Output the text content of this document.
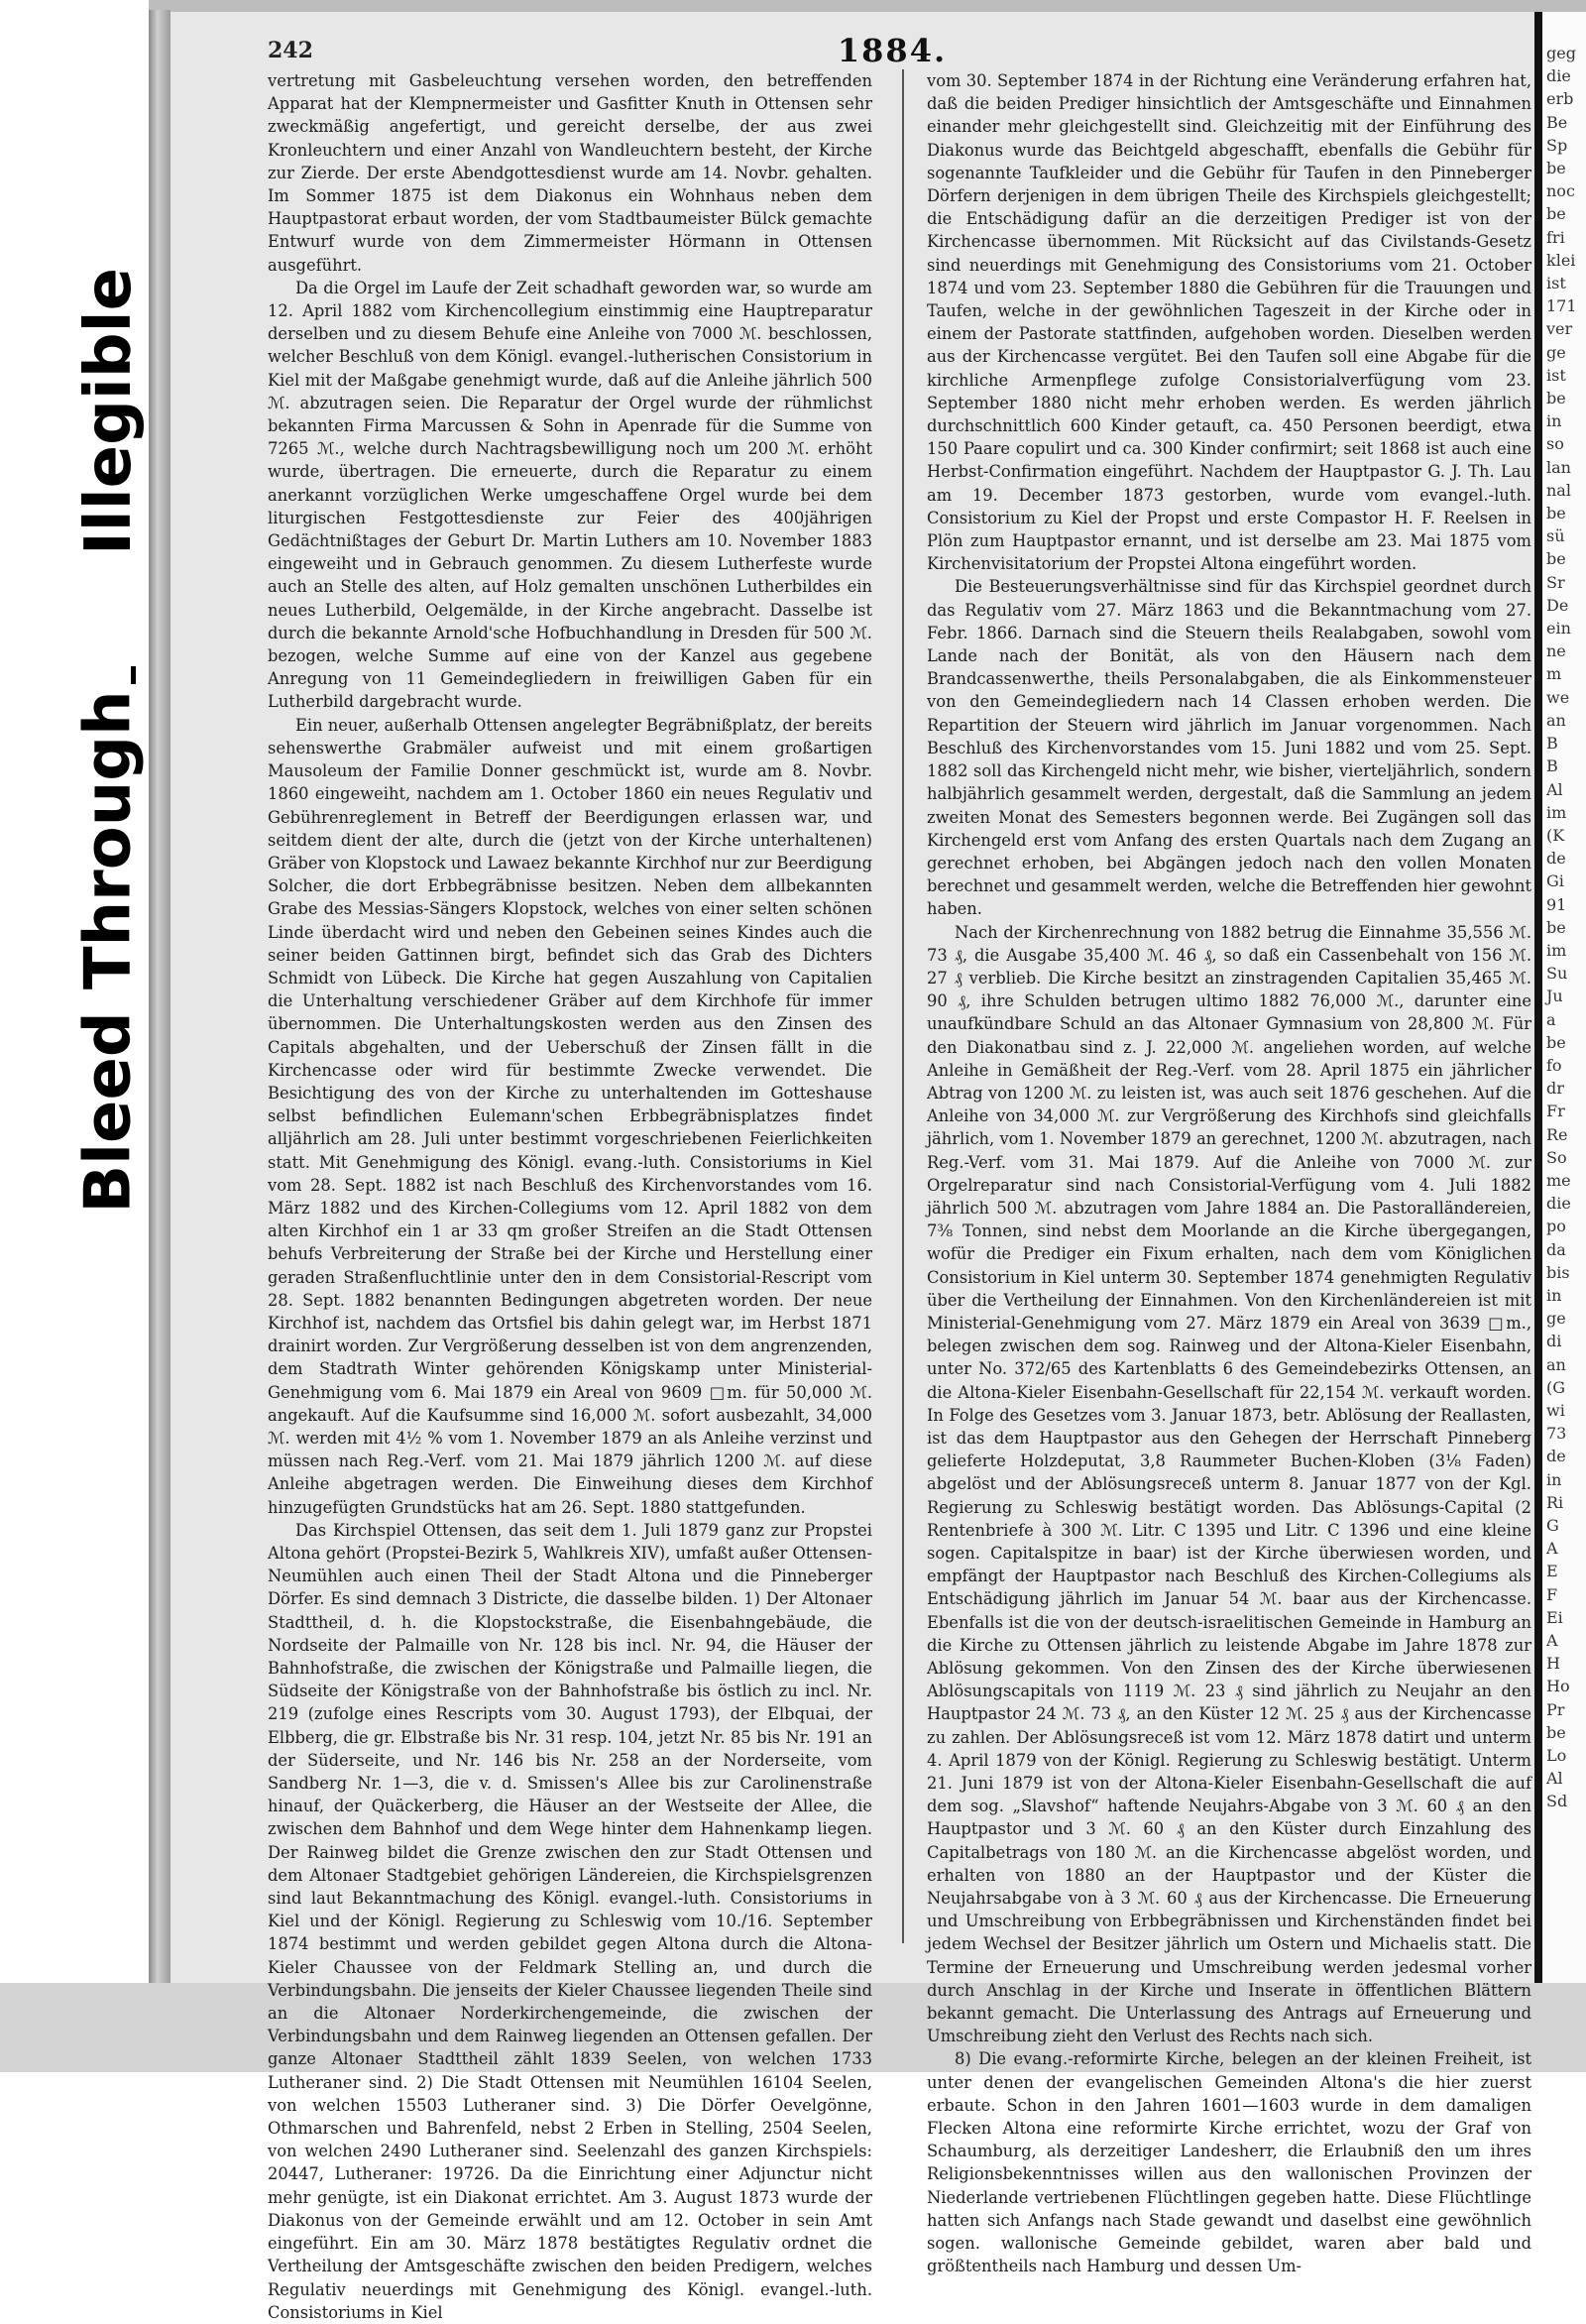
Illegible
Bleed Through
242	1884.

vertretung mit Gasbeleuchtung versehen worden, den betreffenden Apparat hat der Klempnermeister und Gasfitter Knuth in Ottensen sehr zweckmäßig angefertigt, und gereicht derselbe, der aus zwei Kronleuchtern und einer Anzahl von Wandleuchtern besteht, der Kirche zur Zierde. Der erste Abendgottesdienst wurde am 14. Novbr. gehalten. Im Sommer 1875 ist dem Diakonus ein Wohnhaus neben dem Hauptpastorat erbaut worden, der vom Stadtbaumeister Bülck gemachte Entwurf wurde von dem Zimmermeister Hörmann in Ottensen ausgeführt.

Da die Orgel im Laufe der Zeit schadhaft geworden war, so wurde am 12. April 1882 vom Kirchencollegium einstimmig eine Hauptreparatur derselben und zu diesem Behufe eine Anleihe von 7000 ℳ. beschlossen, welcher Beschluß von dem Königl. evangel.-lutherischen Consistorium in Kiel mit der Maßgabe genehmigt wurde, daß auf die Anleihe jährlich 500 ℳ. abzutragen seien. Die Reparatur der Orgel wurde der rühmlichst bekannten Firma Marcussen & Sohn in Apenrade für die Summe von 7265 ℳ., welche durch Nachtragsbewilligung noch um 200 ℳ. erhöht wurde, übertragen. Die erneuerte, durch die Reparatur zu einem anerkannt vorzüglichen Werke umgeschaffene Orgel wurde bei dem liturgischen Festgottesdienste zur Feier des 400jährigen Gedächtnißtages der Geburt Dr. Martin Luthers am 10. November 1883 eingeweiht und in Gebrauch genommen. Zu diesem Lutherfeste wurde auch an Stelle des alten, auf Holz gemalten unschönen Lutherbildes ein neues Lutherbild, Oelgemälde, in der Kirche angebracht. Dasselbe ist durch die bekannte Arnold'sche Hofbuchhandlung in Dresden für 500 ℳ. bezogen, welche Summe auf eine von der Kanzel aus gegebene Anregung von 11 Gemeindegliedern in freiwilligen Gaben für ein Lutherbild dargebracht wurde.

Ein neuer, außerhalb Ottensen angelegter Begräbnißplatz, der bereits sehenswerthe Grabmäler aufweist und mit einem großartigen Mausoleum der Familie Donner geschmückt ist, wurde am 8. Novbr. 1860 eingeweiht, nachdem am 1. October 1860 ein neues Regulativ und Gebührenreglement in Betreff der Beerdigungen erlassen war, und seitdem dient der alte, durch die (jetzt von der Kirche unterhaltenen) Gräber von Klopstock und Lawaez bekannte Kirchhof nur zur Beerdigung Solcher, die dort Erbbegräbnisse besitzen. Neben dem allbekannten Grabe des Messias-Sängers Klopstock, welches von einer selten schönen Linde überdacht wird und neben den Gebeinen seines Kindes auch die seiner beiden Gattinnen birgt, befindet sich das Grab des Dichters Schmidt von Lübeck. Die Kirche hat gegen Auszahlung von Capitalien die Unterhaltung verschiedener Gräber auf dem Kirchhofe für immer übernommen. Die Unterhaltungskosten werden aus den Zinsen des Capitals abgehalten, und der Ueberschuß der Zinsen fällt in die Kirchencasse oder wird für bestimmte Zwecke verwendet. Die Besichtigung des von der Kirche zu unterhaltenden im Gotteshause selbst befindlichen Eulemann'schen Erbbegräbnisplatzes findet alljährlich am 28. Juli unter bestimmt vorgeschriebenen Feierlichkeiten statt. Mit Genehmigung des Königl. evang.-luth. Consistoriums in Kiel vom 28. Sept. 1882 ist nach Beschluß des Kirchenvorstandes vom 16. März 1882 und des Kirchen-Collegiums vom 12. April 1882 von dem alten Kirchhof ein 1 ar 33 qm großer Streifen an die Stadt Ottensen behufs Verbreiterung der Straße bei der Kirche und Herstellung einer geraden Straßenfluchtlinie unter den in dem Consistorial-Rescript vom 28. Sept. 1882 benannten Bedingungen abgetreten worden. Der neue Kirchhof ist, nachdem das Ortsfiel bis dahin gelegt war, im Herbst 1871 drainirt worden. Zur Vergrößerung desselben ist von dem angrenzenden, dem Stadtrath Winter gehörenden Königskamp unter Ministerial-Genehmigung vom 6. Mai 1879 ein Areal von 9609 □m. für 50,000 ℳ. angekauft. Auf die Kaufsumme sind 16,000 ℳ. sofort ausbezahlt, 34,000 ℳ. werden mit 4½ % vom 1. November 1879 an als Anleihe verzinst und müssen nach Reg.-Verf. vom 21. Mai 1879 jährlich 1200 ℳ. auf diese Anleihe abgetragen werden. Die Einweihung dieses dem Kirchhof hinzugefügten Grundstücks hat am 26. Sept. 1880 stattgefunden.

Das Kirchspiel Ottensen, das seit dem 1. Juli 1879 ganz zur Propstei Altona gehört (Propstei-Bezirk 5, Wahlkreis XIV), umfaßt außer Ottensen-Neumühlen auch einen Theil der Stadt Altona und die Pinneberger Dörfer. Es sind demnach 3 Districte, die dasselbe bilden. 1) Der Altonaer Stadttheil, d. h. die Klopstockstraße, die Eisenbahngebäude, die Nordseite der Palmaille von Nr. 128 bis incl. Nr. 94, die Häuser der Bahnhofstraße, die zwischen der Königstraße und Palmaille liegen, die Südseite der Königstraße von der Bahnhofstraße bis östlich zu incl. Nr. 219 (zufolge eines Rescripts vom 30. August 1793), der Elbquai, der Elbberg, die gr. Elbstraße bis Nr. 31 resp. 104, jetzt Nr. 85 bis Nr. 191 an der Süderseite, und Nr. 146 bis Nr. 258 an der Norderseite, vom Sandberg Nr. 1—3, die v. d. Smissen's Allee bis zur Carolinenstraße hinauf, der Quäckerberg, die Häuser an der Westseite der Allee, die zwischen dem Bahnhof und dem Wege hinter dem Hahnenkamp liegen. Der Rainweg bildet die Grenze zwischen den zur Stadt Ottensen und dem Altonaer Stadtgebiet gehörigen Ländereien, die Kirchspielsgrenzen sind laut Bekanntmachung des Königl. evangel.-luth. Consistoriums in Kiel und der Königl. Regierung zu Schleswig vom 10./16. September 1874 bestimmt und werden gebildet gegen Altona durch die Altona-Kieler Chaussee von der Feldmark Stelling an, und durch die Verbindungsbahn. Die jenseits der Kieler Chaussee liegenden Theile sind an die Altonaer Norderkirchengemeinde, die zwischen der Verbindungsbahn und dem Rainweg liegenden an Ottensen gefallen. Der ganze Altonaer Stadttheil zählt 1839 Seelen, von welchen 1733 Lutheraner sind. 2) Die Stadt Ottensen mit Neumühlen 16104 Seelen, von welchen 15503 Lutheraner sind. 3) Die Dörfer Oevelgönne, Othmarschen und Bahrenfeld, nebst 2 Erben in Stelling, 2504 Seelen, von welchen 2490 Lutheraner sind. Seelenzahl des ganzen Kirchspiels: 20447, Lutheraner: 19726. Da die Einrichtung einer Adjunctur nicht mehr genügte, ist ein Diakonat errichtet. Am 3. August 1873 wurde der Diakonus von der Gemeinde erwählt und am 12. October in sein Amt eingeführt. Ein am 30. März 1878 bestätigtes Regulativ ordnet die Vertheilung der Amtsgeschäfte zwischen den beiden Predigern, welches Regulativ neuerdings mit Genehmigung des Königl. evangel.-luth. Consistoriums in Kiel

vom 30. September 1874 in der Richtung eine Veränderung erfahren hat, daß die beiden Prediger hinsichtlich der Amtsgeschäfte und Einnahmen einander mehr gleichgestellt sind. Gleichzeitig mit der Einführung des Diakonus wurde das Beichtgeld abgeschafft, ebenfalls die Gebühr für sogenannte Taufkleider und die Gebühr für Taufen in den Pinneberger Dörfern derjenigen in dem übrigen Theile des Kirchspiels gleichgestellt; die Entschädigung dafür an die derzeitigen Prediger ist von der Kirchencasse übernommen. Mit Rücksicht auf das Civilstands-Gesetz sind neuerdings mit Genehmigung des Consistoriums vom 21. October 1874 und vom 23. September 1880 die Gebühren für die Trauungen und Taufen, welche in der gewöhnlichen Tageszeit in der Kirche oder in einem der Pastorate stattfinden, aufgehoben worden. Dieselben werden aus der Kirchencasse vergütet. Bei den Taufen soll eine Abgabe für die kirchliche Armenpflege zufolge Consistorialverfügung vom 23. September 1880 nicht mehr erhoben werden. Es werden jährlich durchschnittlich 600 Kinder getauft, ca. 450 Personen beerdigt, etwa 150 Paare copulirt und ca. 300 Kinder confirmirt; seit 1868 ist auch eine Herbst-Confirmation eingeführt. Nachdem der Hauptpastor G. J. Th. Lau am 19. December 1873 gestorben, wurde vom evangel.-luth. Consistorium zu Kiel der Propst und erste Compastor H. F. Reelsen in Plön zum Hauptpastor ernannt, und ist derselbe am 23. Mai 1875 vom Kirchenvisitatorium der Propstei Altona eingeführt worden.

Die Besteuerungsverhältnisse sind für das Kirchspiel geordnet durch das Regulativ vom 27. März 1863 und die Bekanntmachung vom 27. Febr. 1866. Darnach sind die Steuern theils Realabgaben, sowohl vom Lande nach der Bonität, als von den Häusern nach dem Brandcassenwerthe, theils Personalabgaben, die als Einkommensteuer von den Gemeindegliedern nach 14 Classen erhoben werden. Die Repartition der Steuern wird jährlich im Januar vorgenommen. Nach Beschluß des Kirchenvorstandes vom 15. Juni 1882 und vom 25. Sept. 1882 soll das Kirchengeld nicht mehr, wie bisher, vierteljährlich, sondern halbjährlich gesammelt werden, dergestalt, daß die Sammlung an jedem zweiten Monat des Semesters begonnen werde. Bei Zugängen soll das Kirchengeld erst vom Anfang des ersten Quartals nach dem Zugang an gerechnet erhoben, bei Abgängen jedoch nach den vollen Monaten berechnet und gesammelt werden, welche die Betreffenden hier gewohnt haben.

Nach der Kirchenrechnung von 1882 betrug die Einnahme 35,556 ℳ. 73 ₰, die Ausgabe 35,400 ℳ. 46 ₰, so daß ein Cassenbehalt von 156 ℳ. 27 ₰ verblieb. Die Kirche besitzt an zinstragenden Capitalien 35,465 ℳ. 90 ₰, ihre Schulden betrugen ultimo 1882 76,000 ℳ., darunter eine unaufkündbare Schuld an das Altonaer Gymnasium von 28,800 ℳ. Für den Diakonatbau sind z. J. 22,000 ℳ. angeliehen worden, auf welche Anleihe in Gemäßheit der Reg.-Verf. vom 28. April 1875 ein jährlicher Abtrag von 1200 ℳ. zu leisten ist, was auch seit 1876 geschehen. Auf die Anleihe von 34,000 ℳ. zur Vergrößerung des Kirchhofs sind gleichfalls jährlich, vom 1. November 1879 an gerechnet, 1200 ℳ. abzutragen, nach Reg.-Verf. vom 31. Mai 1879. Auf die Anleihe von 7000 ℳ. zur Orgelreparatur sind nach Consistorial-Verfügung vom 4. Juli 1882 jährlich 500 ℳ. abzutragen vom Jahre 1884 an. Die Pastoralländereien, 7⅜ Tonnen, sind nebst dem Moorlande an die Kirche übergegangen, wofür die Prediger ein Fixum erhalten, nach dem vom Königlichen Consistorium in Kiel unterm 30. September 1874 genehmigten Regulativ über die Vertheilung der Einnahmen. Von den Kirchenländereien ist mit Ministerial-Genehmigung vom 27. März 1879 ein Areal von 3639 □m., belegen zwischen dem sog. Rainweg und der Altona-Kieler Eisenbahn, unter No. 372/65 des Kartenblatts 6 des Gemeindebezirks Ottensen, an die Altona-Kieler Eisenbahn-Gesellschaft für 22,154 ℳ. verkauft worden. In Folge des Gesetzes vom 3. Januar 1873, betr. Ablösung der Reallasten, ist das dem Hauptpastor aus den Gehegen der Herrschaft Pinneberg gelieferte Holzdeputat, 3,8 Raummeter Buchen-Kloben (3⅛ Faden) abgelöst und der Ablösungsreceß unterm 8. Januar 1877 von der Kgl. Regierung zu Schleswig bestätigt worden. Das Ablösungs-Capital (2 Rentenbriefe à 300 ℳ. Litr. C 1395 und Litr. C 1396 und eine kleine sogen. Capitalspitze in baar) ist der Kirche überwiesen worden, und empfängt der Hauptpastor nach Beschluß des Kirchen-Collegiums als Entschädigung jährlich im Januar 54 ℳ. baar aus der Kirchencasse. Ebenfalls ist die von der deutsch-israelitischen Gemeinde in Hamburg an die Kirche zu Ottensen jährlich zu leistende Abgabe im Jahre 1878 zur Ablösung gekommen. Von den Zinsen des der Kirche überwiesenen Ablösungscapitals von 1119 ℳ. 23 ₰ sind jährlich zu Neujahr an den Hauptpastor 24 ℳ. 73 ₰, an den Küster 12 ℳ. 25 ₰ aus der Kirchencasse zu zahlen. Der Ablösungsreceß ist vom 12. März 1878 datirt und unterm 4. April 1879 von der Königl. Regierung zu Schleswig bestätigt. Unterm 21. Juni 1879 ist von der Altona-Kieler Eisenbahn-Gesellschaft die auf dem sog. „Slavshof“ haftende Neujahrs-Abgabe von 3 ℳ. 60 ₰ an den Hauptpastor und 3 ℳ. 60 ₰ an den Küster durch Einzahlung des Capitalbetrags von 180 ℳ. an die Kirchencasse abgelöst worden, und erhalten von 1880 an der Hauptpastor und der Küster die Neujahrsabgabe von à 3 ℳ. 60 ₰ aus der Kirchencasse. Die Erneuerung und Umschreibung von Erbbegräbnissen und Kirchenständen findet bei jedem Wechsel der Besitzer jährlich um Ostern und Michaelis statt. Die Termine der Erneuerung und Umschreibung werden jedesmal vorher durch Anschlag in der Kirche und Inserate in öffentlichen Blättern bekannt gemacht. Die Unterlassung des Antrags auf Erneuerung und Umschreibung zieht den Verlust des Rechts nach sich.

8) Die evang.-reformirte Kirche, belegen an der kleinen Freiheit, ist unter denen der evangelischen Gemeinden Altona's die hier zuerst erbaute. Schon in den Jahren 1601—1603 wurde in dem damaligen Flecken Altona eine reformirte Kirche errichtet, wozu der Graf von Schaumburg, als derzeitiger Landesherr, die Erlaubniß den um ihres Religionsbekenntnisses willen aus den wallonischen Provinzen der Niederlande vertriebenen Flüchtlingen gegeben hatte. Diese Flüchtlinge hatten sich Anfangs nach Stade gewandt und daselbst eine gewöhnlich sogen. wallonische Gemeinde gebildet, waren aber bald und größtentheils nach Hamburg und dessen Um-

geg
die
erb
Be
Sp
be
noc
be
fri
klei
ist
171
ver
ge
ist
be
in
so
lan
nal
be
sü
be
Sr
De
ein
ne
m
we
an
B
B
Al
im
(K
de
Gi
91
be
im
Su
Ju
a
be
fo
dr
Fr
Re
So
me
die
po
da
bis
in
ge
di
an
(G
wi
73
de
in
Ri
G
A
E
F
Ei
A
H
Ho
Pr
be
Lo
Al
Sd
